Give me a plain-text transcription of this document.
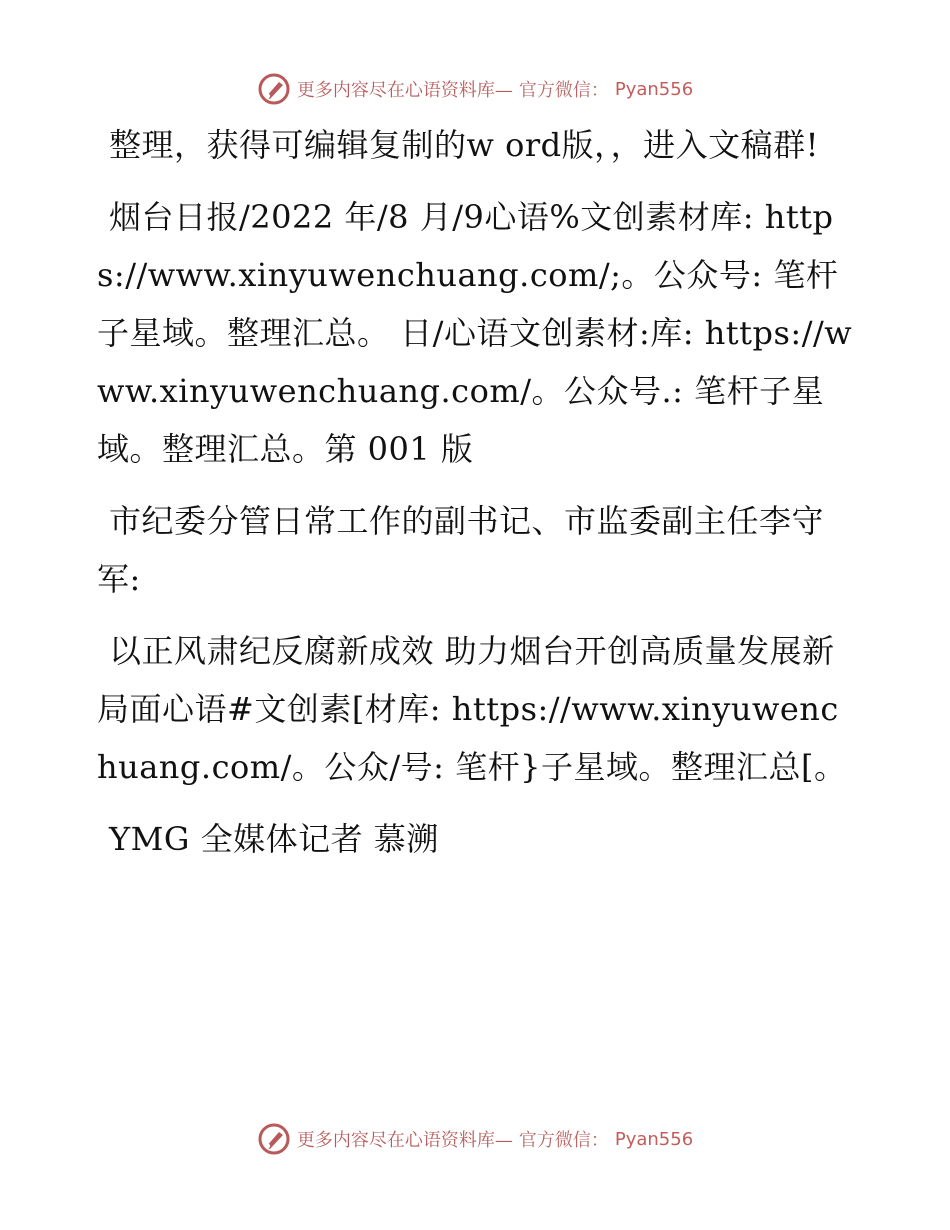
更多内容尽在心语资料库— 官方微信： Pyan556

整理，获得可编辑复制的w ord版，，进入文稿群!

烟台日报/2022 年/8 月/9心语%文创素材库: https://www.xinyuwenchuang.com/;。公众号: 笔杆子星域。整理汇总。 日/心语文创素材:库: https://www.xinyuwenchuang.com/。公众号.: 笔杆子星域。整理汇总。第 001 版

市纪委分管日常工作的副书记、市监委副主任李守军:

以正风肃纪反腐新成效 助力烟台开创高质量发展新局面心语#文创素[材库: https://www.xinyuwenchuang.com/。公众/号: 笔杆}子星域。整理汇总[。

YMG 全媒体记者 慕溯

更多内容尽在心语资料库— 官方微信： Pyan556
